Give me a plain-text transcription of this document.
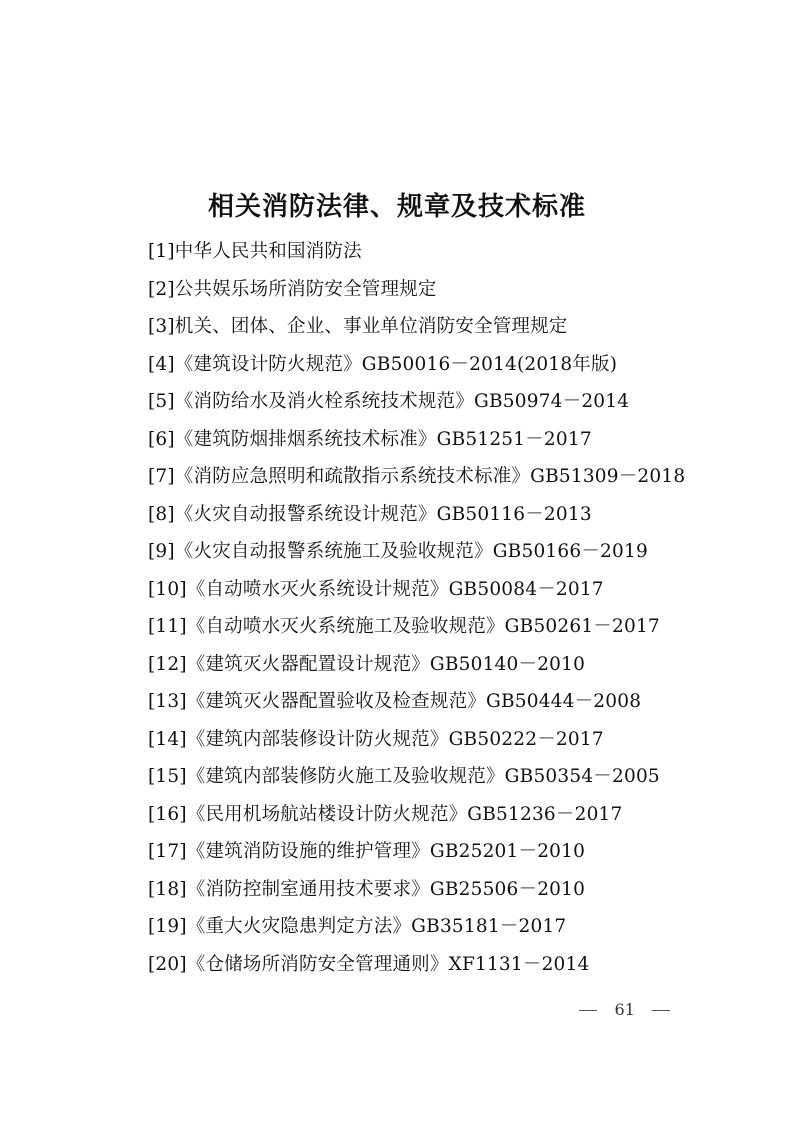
相关消防法律、规章及技术标准
[1]中华人民共和国消防法
[2]公共娱乐场所消防安全管理规定
[3]机关、团体、企业、事业单位消防安全管理规定
[4]《建筑设计防火规范》GB50016－2014(2018年版)
[5]《消防给水及消火栓系统技术规范》GB50974－2014
[6]《建筑防烟排烟系统技术标准》GB51251－2017
[7]《消防应急照明和疏散指示系统技术标准》GB51309－2018
[8]《火灾自动报警系统设计规范》GB50116－2013
[9]《火灾自动报警系统施工及验收规范》GB50166－2019
[10]《自动喷水灭火系统设计规范》GB50084－2017
[11]《自动喷水灭火系统施工及验收规范》GB50261－2017
[12]《建筑灭火器配置设计规范》GB50140－2010
[13]《建筑灭火器配置验收及检查规范》GB50444－2008
[14]《建筑内部装修设计防火规范》GB50222－2017
[15]《建筑内部装修防火施工及验收规范》GB50354－2005
[16]《民用机场航站楼设计防火规范》GB51236－2017
[17]《建筑消防设施的维护管理》GB25201－2010
[18]《消防控制室通用技术要求》GB25506－2010
[19]《重大火灾隐患判定方法》GB35181－2017
[20]《仓储场所消防安全管理通则》XF1131－2014
61
